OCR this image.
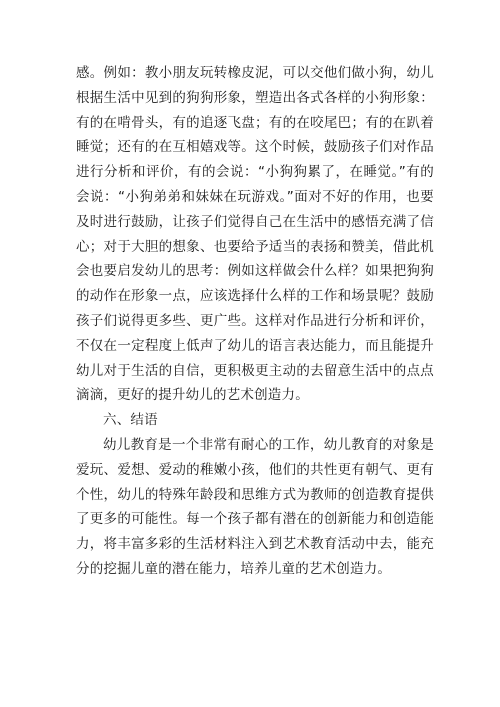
感。例如：教小朋友玩转橡皮泥，可以交他们做小狗，幼儿
根据生活中见到的狗狗形象，塑造出各式各样的小狗形象：
有的在啃骨头，有的追逐飞盘；有的在咬尾巴；有的在趴着
睡觉；还有的在互相嬉戏等。这个时候，鼓励孩子们对作品
进行分析和评价，有的会说：“小狗狗累了，在睡觉。”有的
会说：“小狗弟弟和妹妹在玩游戏。”面对不好的作用，也要
及时进行鼓励，让孩子们觉得自己在生活中的感悟充满了信
心；对于大胆的想象、也要给予适当的表扬和赞美，借此机
会也要启发幼儿的思考：例如这样做会什么样？如果把狗狗
的动作在形象一点，应该选择什么样的工作和场景呢？鼓励
孩子们说得更多些、更广些。这样对作品进行分析和评价，
不仅在一定程度上低声了幼儿的语言表达能力，而且能提升
幼儿对于生活的自信，更积极更主动的去留意生活中的点点
滴滴，更好的提升幼儿的艺术创造力。
六、结语
幼儿教育是一个非常有耐心的工作，幼儿教育的对象是
爱玩、爱想、爱动的稚嫩小孩，他们的共性更有朝气、更有
个性，幼儿的特殊年龄段和思维方式为教师的创造教育提供
了更多的可能性。每一个孩子都有潜在的创新能力和创造能
力，将丰富多彩的生活材料注入到艺术教育活动中去，能充
分的挖掘儿童的潜在能力，培养儿童的艺术创造力。
